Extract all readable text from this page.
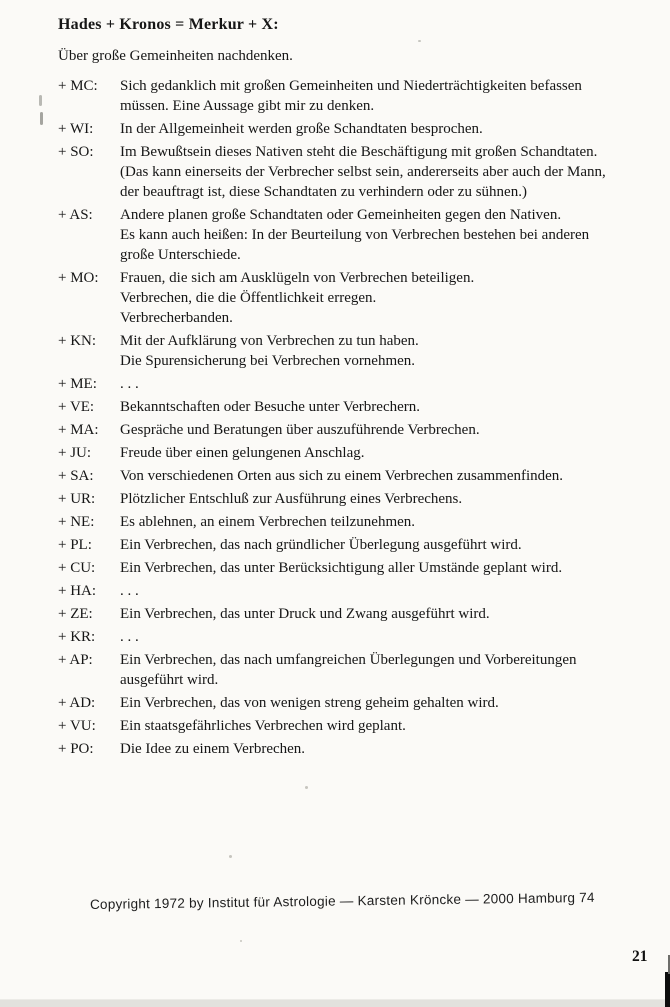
Hades + Kronos = Merkur + X:
Über große Gemeinheiten nachdenken.
+ MC:	Sich gedanklich mit großen Gemeinheiten und Niederträchtigkeiten befassen
müssen. Eine Aussage gibt mir zu denken.
+ WI:	In der Allgemeinheit werden große Schandtaten besprochen.
+ SO:	Im Bewußtsein dieses Nativen steht die Beschäftigung mit großen Schandtaten.
(Das kann einerseits der Verbrecher selbst sein, andererseits aber auch der Mann,
der beauftragt ist, diese Schandtaten zu verhindern oder zu sühnen.)
+ AS:	Andere planen große Schandtaten oder Gemeinheiten gegen den Nativen.
Es kann auch heißen: In der Beurteilung von Verbrechen bestehen bei anderen
große Unterschiede.
+ MO:	Frauen, die sich am Ausklügeln von Verbrechen beteiligen.
Verbrechen, die die Öffentlichkeit erregen.
Verbrecherbanden.
+ KN:	Mit der Aufklärung von Verbrechen zu tun haben.
Die Spurensicherung bei Verbrechen vornehmen.
+ ME:	. . .
+ VE:	Bekanntschaften oder Besuche unter Verbrechern.
+ MA:	Gespräche und Beratungen über auszuführende Verbrechen.
+ JU:	Freude über einen gelungenen Anschlag.
+ SA:	Von verschiedenen Orten aus sich zu einem Verbrechen zusammenfinden.
+ UR:	Plötzlicher Entschluß zur Ausführung eines Verbrechens.
+ NE:	Es ablehnen, an einem Verbrechen teilzunehmen.
+ PL:	Ein Verbrechen, das nach gründlicher Überlegung ausgeführt wird.
+ CU:	Ein Verbrechen, das unter Berücksichtigung aller Umstände geplant wird.
+ HA:	. . .
+ ZE:	Ein Verbrechen, das unter Druck und Zwang ausgeführt wird.
+ KR:	. . .
+ AP:	Ein Verbrechen, das nach umfangreichen Überlegungen und Vorbereitungen
ausgeführt wird.
+ AD:	Ein Verbrechen, das von wenigen streng geheim gehalten wird.
+ VU:	Ein staatsgefährliches Verbrechen wird geplant.
+ PO:	Die Idee zu einem Verbrechen.
Copyright 1972 by Institut für Astrologie — Karsten Kröncke — 2000 Hamburg 74
21
